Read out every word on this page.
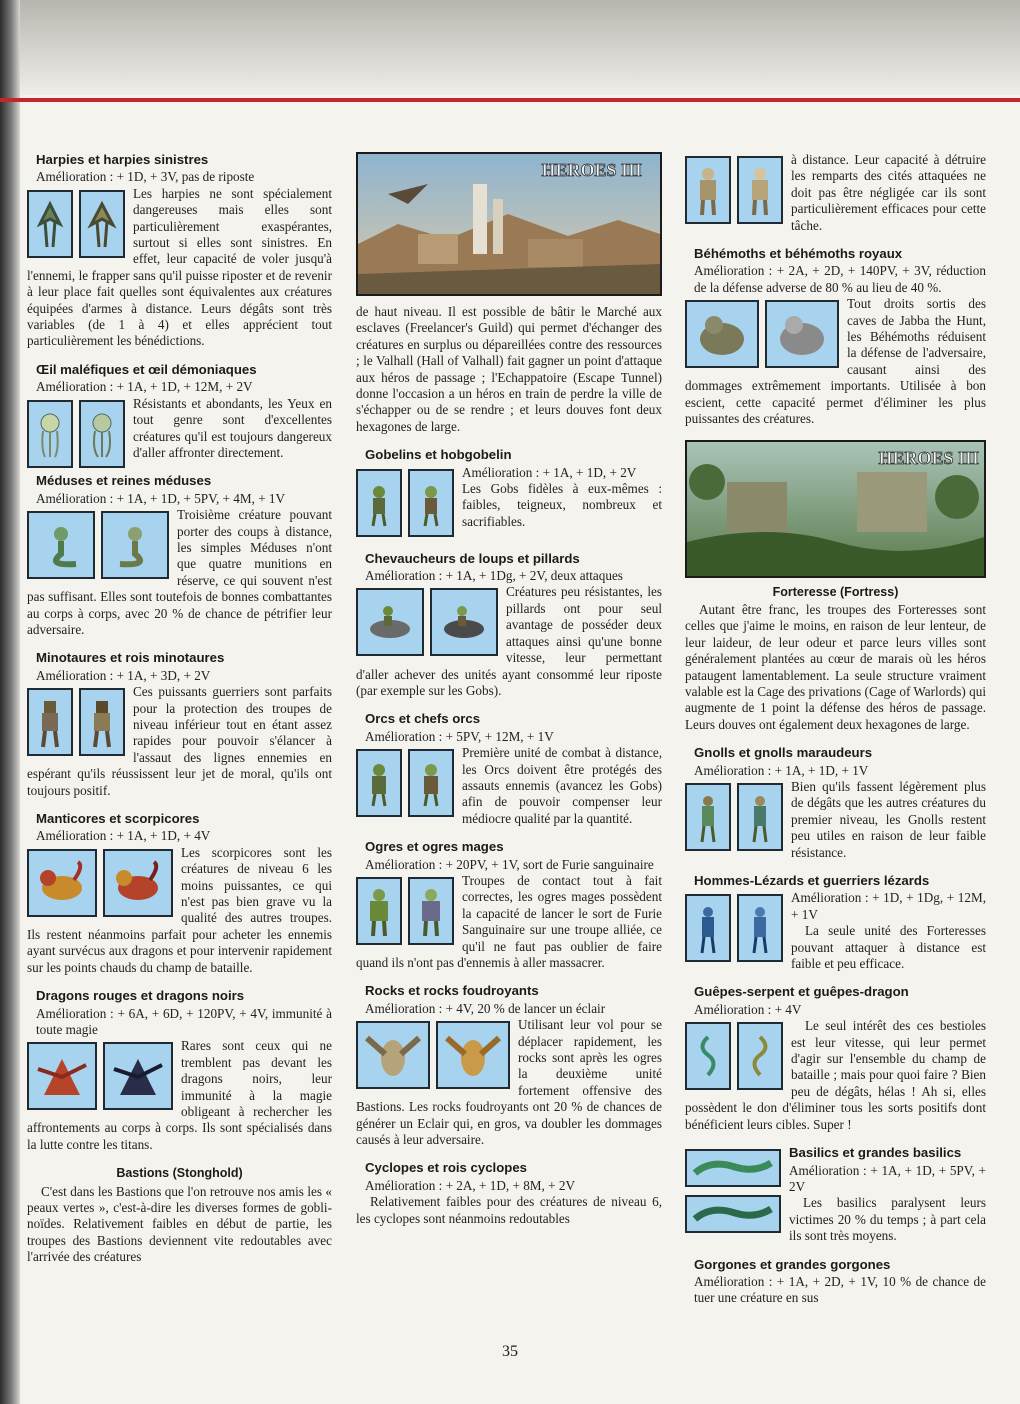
Harpies et harpies sinistres
Amélioration : + 1D, + 3V, pas de riposte

Les harpies ne sont spécialement dangereuses mais elles sont particulièrement exaspérantes, surtout si elles sont sinistres. En effet, leur capacité de voler jusqu'à l'ennemi, le frapper sans qu'il puisse riposter et de revenir à leur place fait quelles sont équivalentes aux créatures équipées d'armes à distance. Leurs dégâts sont très variables (de 1 à 4) et elles apprécient tout particulièrement les bénédictions.

Œil maléfiques et œil démoniaques
Amélioration : + 1A, + 1D, + 12M, + 2V

Résistants et abondants, les Yeux en tout genre sont d'excellentes créatures qu'il est toujours dangereux d'aller affronter directement.

Méduses et reines méduses
Amélioration : + 1A, + 1D, + 5PV, + 4M, + 1V

Troisième créature pouvant porter des coups à distance, les simples Méduses n'ont que quatre munitions en réserve, ce qui souvent n'est pas suffisant. Elles sont toutefois de bonnes combattantes au corps à corps, avec 20 % de chance de pétrifier leur adversaire.

Minotaures et rois minotaures
Amélioration : + 1A, + 3D, + 2V

Ces puissants guerriers sont parfaits pour la protection des troupes de niveau inférieur tout en étant assez rapides pour pouvoir s'élancer à l'assaut des lignes ennemies en espérant qu'ils réussissent leur jet de moral, qu'ils ont toujours positif.

Manticores et scorpicores
Amélioration : + 1A, + 1D, + 4V

Les scorpicores sont les créatures de niveau 6 les moins puissantes, ce qui n'est pas bien grave vu la qualité des autres troupes. Ils restent néanmoins parfait pour acheter les ennemis ayant survécus aux dragons et pour intervenir rapidement sur les points chauds du champ de bataille.

Dragons rouges et dragons noirs
Amélioration : + 6A, + 6D, + 120PV, + 4V, immunité à toute magie

Rares sont ceux qui ne tremblent pas devant les dragons noirs, leur immunité à la magie obligeant à rechercher les affrontements au corps à corps. Ils sont spécialisés dans la lutte contre les titans.

Bastions (Stonghold)

C'est dans les Bastions que l'on retrouve nos amis les « peaux vertes », c'est-à-dire les diverses formes de goblinoïdes. Relativement faibles en début de partie, les troupes des Bastions deviennent vite redoutables avec l'arrivée des créatures

HEROES III

de haut niveau. Il est possible de bâtir le Marché aux esclaves (Freelancer's Guild) qui permet d'échanger des créatures en surplus ou dépareillées contre des ressources ; le Valhall (Hall of Valhall) fait gagner un point d'attaque aux héros de passage ; l'Echappatoire (Escape Tunnel) donne l'occasion a un héros en train de perdre la ville de s'échapper ou de se rendre ; et leurs douves font deux hexagones de large.

Gobelins et hobgobelin
Amélioration : + 1A, + 1D, + 2V

Les Gobs fidèles à eux-mêmes : faibles, teigneux, nombreux et sacrifiables.

Chevaucheurs de loups et pillards
Amélioration : + 1A, + 1Dg, + 2V, deux attaques

Créatures peu résistantes, les pillards ont pour seul avantage de posséder deux attaques ainsi qu'une bonne vitesse, leur permettant d'aller achever des unités ayant consommé leur riposte (par exemple sur les Gobs).

Orcs et chefs orcs
Amélioration : + 5PV, + 12M, + 1V

Première unité de combat à distance, les Orcs doivent être protégés des assauts ennemis (avancez les Gobs) afin de pouvoir compenser leur médiocre qualité par la quantité.

Ogres et ogres mages
Amélioration : + 20PV, + 1V, sort de Furie sanguinaire

Troupes de contact tout à fait correctes, les ogres mages possèdent la capacité de lancer le sort de Furie Sanguinaire sur une troupe alliée, ce qu'il ne faut pas oublier de faire quand ils n'ont pas d'ennemis à aller massacrer.

Rocks et rocks foudroyants
Amélioration : + 4V, 20 % de lancer un éclair

Utilisant leur vol pour se déplacer rapidement, les rocks sont après les ogres la deuxième unité fortement offensive des Bastions. Les rocks foudroyants ont 20 % de chances de générer un Eclair qui, en gros, va doubler les dommages causés à leur adversaire.

Cyclopes et rois cyclopes
Amélioration : + 2A, + 1D, + 8M, + 2V

Relativement faibles pour des créatures de niveau 6, les cyclopes sont néanmoins redoutables

à distance. Leur capacité à détruire les remparts des cités attaquées ne doit pas être négligée car ils sont particulièrement efficaces pour cette tâche.

Béhémoths et béhémoths royaux
Amélioration : + 2A, + 2D, + 140PV, + 3V, réduction de la défense adverse de 80 % au lieu de 40 %.

Tout droits sortis des caves de Jabba the Hunt, les Béhémoths réduisent la défense de l'adversaire, causant ainsi des dommages extrêmement importants. Utilisée à bon escient, cette capacité permet d'éliminer les plus puissantes des créatures.

HEROES III
Forteresse (Fortress)

Autant être franc, les troupes des Forteresses sont celles que j'aime le moins, en raison de leur lenteur, de leur laideur, de leur odeur et parce leurs villes sont généralement plantées au cœur de marais où les héros pataugent lamentablement. La seule structure vraiment valable est la Cage des privations (Cage of Warlords) qui augmente de 1 point la défense des héros de passage. Leurs douves ont également deux hexagones de large.

Gnolls et gnolls maraudeurs
Amélioration : + 1A, + 1D, + 1V

Bien qu'ils fassent légèrement plus de dégâts que les autres créatures du premier niveau, les Gnolls restent peu utiles en raison de leur faible résistance.

Hommes-Lézards et guerriers lézards
Amélioration : + 1D, + 1Dg, + 12M, + 1V

La seule unité des Forteresses pouvant attaquer à distance est faible et peu efficace.

Guêpes-serpent et guêpes-dragon
Amélioration : + 4V

Le seul intérêt des ces bestioles est leur vitesse, qui leur permet d'agir sur l'ensemble du champ de bataille ; mais pour quoi faire ? Bien peu de dégâts, hélas ! Ah si, elles possèdent le don d'éliminer tous les sorts positifs dont bénéficient leurs cibles. Super !

Basilics et grandes basilics
Amélioration : + 1A, + 1D, + 5PV, + 2V

Les basilics paralysent leurs victimes 20 % du temps ; à part cela ils sont très moyens.

Gorgones et grandes gorgones
Amélioration : + 1A, + 2D, + 1V, 10 % de chance de tuer une créature en sus
35
